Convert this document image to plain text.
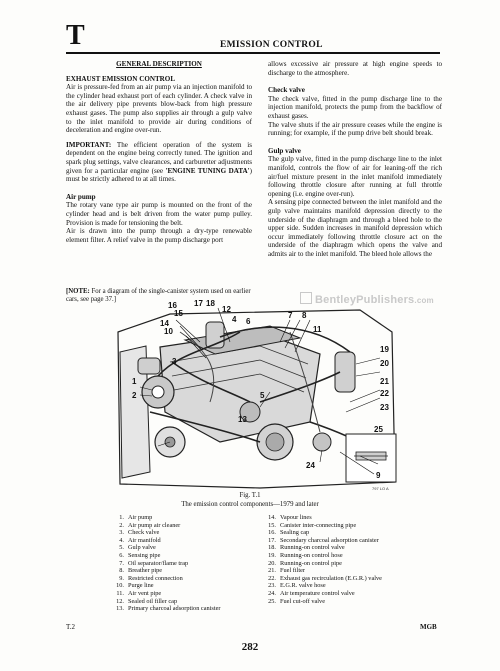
T	EMISSION CONTROL

GENERAL DESCRIPTION

EXHAUST EMISSION CONTROL

Air is pressure-fed from an air pump via an injection manifold to the cylinder head exhaust port of each cylinder. A check valve in the air delivery pipe prevents blow-back from high pressure exhaust gases. The pump also supplies air through a gulp valve to the inlet manifold to provide air during conditions of deceleration and engine over-run.

IMPORTANT: The efficient operation of the system is dependent on the engine being correctly tuned. The ignition and spark plug settings, valve clearances, and carburetter adjustments given for a particular engine (see 'ENGINE TUNING DATA') must be strictly adhered to at all times.

Air pump

The rotary vane type air pump is mounted on the front of the cylinder head and is belt driven from the water pump pulley. Provision is made for tensioning the belt.

Air is drawn into the pump through a dry-type renewable element filter. A relief valve in the pump discharge port

allows excessive air pressure at high engine speeds to discharge to the atmosphere.

Check valve

The check valve, fitted in the pump discharge line to the injection manifold, protects the pump from the backflow of exhaust gases.

The valve shuts if the air pressure ceases while the engine is running; for example, if the pump drive belt should break.

Gulp valve

The gulp valve, fitted in the pump discharge line to the inlet manifold, controls the flow of air for leaning-off the rich air/fuel mixture present in the inlet manifold immediately following throttle closure after running at full throttle opening (i.e. engine over-run).

A sensing pipe connected between the inlet manifold and the gulp valve maintains manifold depression directly to the underside of the diaphragm and through a bleed hole to the upper side. Sudden increases in manifold depression which occur immediately following throttle closure act on the underside of the diaphragm which opens the valve and admits air to the inlet manifold. The bleed hole allows the

[NOTE: For a diagram of the single-canister system used on earlier cars, see page 37.]
1
2
3
4
5
6
7 8
9
10	11
12
13
14
15
16 17 18
19
20
21
22
23
24
25
797 LO A
BentleyPublishers.com
Fig. T.1
The emission control components—1979 and later
1. Air pump
2. Air pump air cleaner
3. Check valve
4. Air manifold
5. Gulp valve
6. Sensing pipe
7. Oil separator/flame trap
8. Breather pipe
9. Restricted connection
10. Purge line
11. Air vent pipe
12. Sealed oil filler cap
13. Primary charcoal adsorption canister
14. Vapour lines
15. Canister inter-connecting pipe
16. Sealing cap
17. Secondary charcoal adsorption canister
18. Running-on control valve
19. Running-on control hose
20. Running-on control pipe
21. Fuel filter
22. Exhaust gas recirculation (E.G.R.) valve
23. E.G.R. valve hose
24. Air temperature control valve
25. Fuel cut-off valve
T.2	MGB
282
